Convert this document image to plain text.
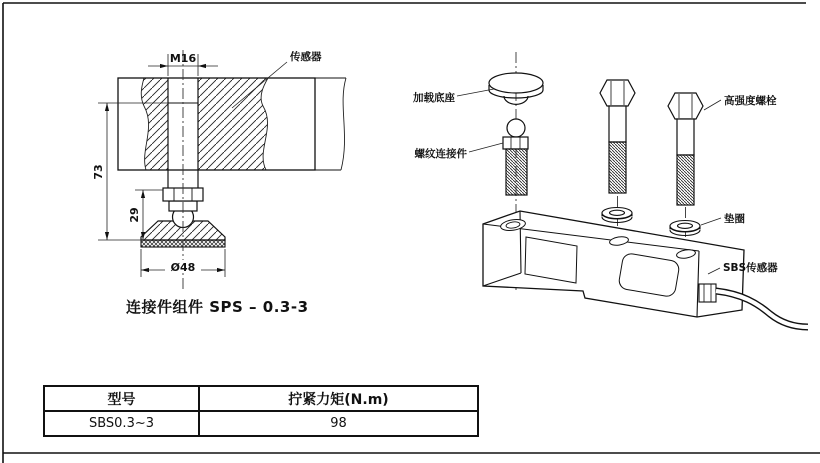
M16	传感器
73
29
Ø48
加载底座
螺纹连接件
高强度螺栓
垫圈
SBS传感器
连接件组件 SPS – 0.3-3
型号	拧紧力矩(N.m)
SBS0.3~3	98
